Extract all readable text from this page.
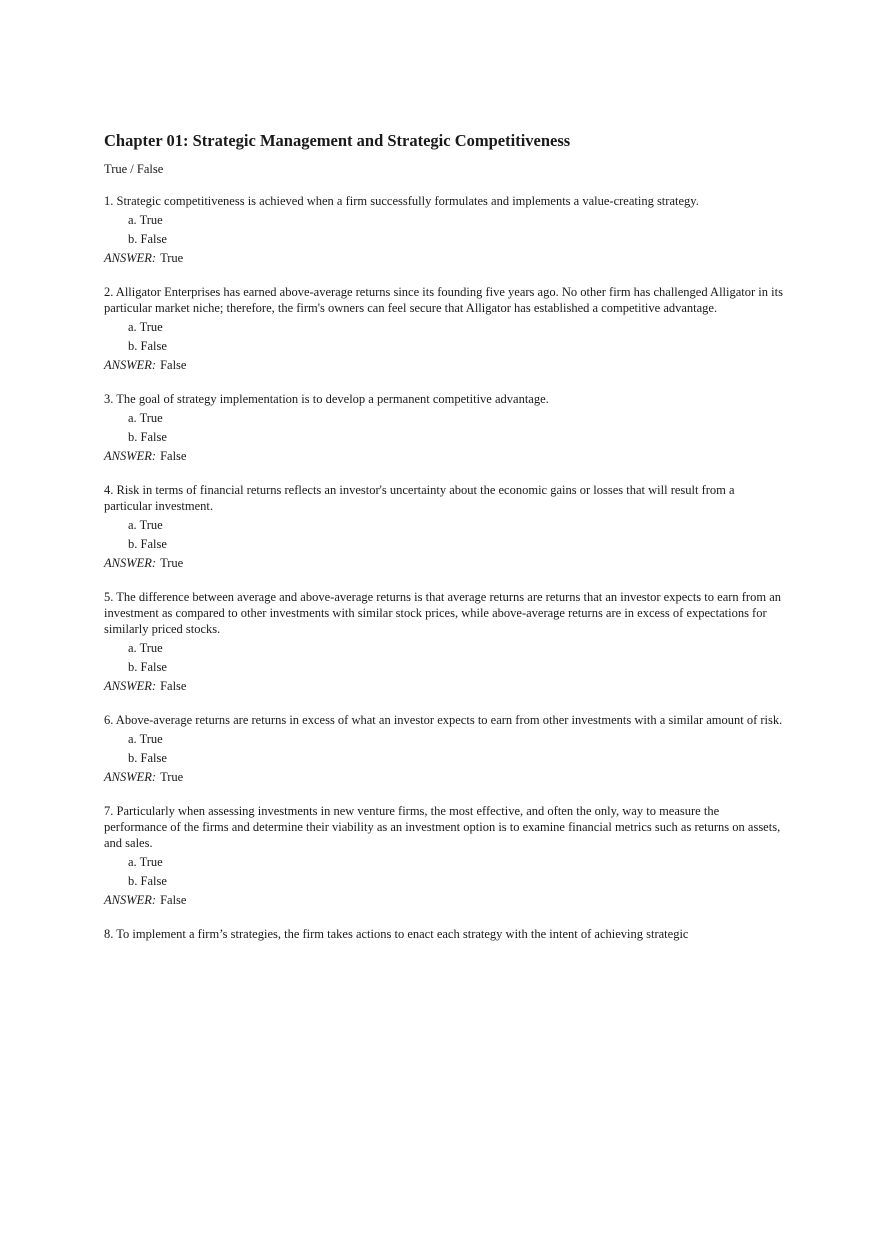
Chapter 01: Strategic Management and Strategic Competitiveness
True / False
1. Strategic competitiveness is achieved when a firm successfully formulates and implements a value-creating strategy.
a. True
b. False
ANSWER: True
2. Alligator Enterprises has earned above-average returns since its founding five years ago. No other firm has challenged Alligator in its particular market niche; therefore, the firm's owners can feel secure that Alligator has established a competitive advantage.
a. True
b. False
ANSWER: False
3. The goal of strategy implementation is to develop a permanent competitive advantage.
a. True
b. False
ANSWER: False
4. Risk in terms of financial returns reflects an investor's uncertainty about the economic gains or losses that will result from a particular investment.
a. True
b. False
ANSWER: True
5. The difference between average and above-average returns is that average returns are returns that an investor expects to earn from an investment as compared to other investments with similar stock prices, while above-average returns are in excess of expectations for similarly priced stocks.
a. True
b. False
ANSWER: False
6. Above-average returns are returns in excess of what an investor expects to earn from other investments with a similar amount of risk.
a. True
b. False
ANSWER: True
7. Particularly when assessing investments in new venture firms, the most effective, and often the only, way to measure the performance of the firms and determine their viability as an investment option is to examine financial metrics such as returns on assets, and sales.
a. True
b. False
ANSWER: False
8. To implement a firm’s strategies, the firm takes actions to enact each strategy with the intent of achieving strategic
